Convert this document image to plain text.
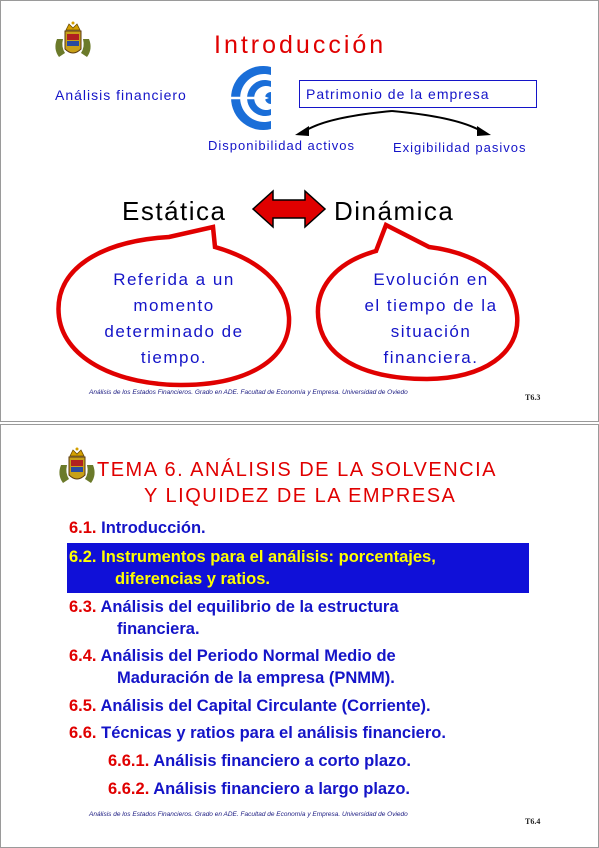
Introducción
Análisis financiero	Patrimonio de la empresa
Disponibilidad activos	Exigibilidad pasivos
Estática	Dinámica
Referida a un
momento
determinado de
tiempo.
Evolución en
el tiempo de la
situación
financiera.
Análisis de los Estados Financieros. Grado en ADE. Facultad de Economía y Empresa. Universidad de Oviedo
T6.3
TEMA 6. ANÁLISIS DE LA SOLVENCIA
Y LIQUIDEZ DE LA EMPRESA
6.1. Introducción.
6.2. Instrumentos para el análisis: porcentajes,
diferencias y ratios.
6.3. Análisis del equilibrio de la estructura
financiera.
6.4. Análisis del Periodo Normal Medio de
Maduración de la empresa (PNMM).
6.5. Análisis del Capital Circulante (Corriente).
6.6. Técnicas y ratios para el análisis financiero.
6.6.1. Análisis financiero a corto plazo.
6.6.2. Análisis financiero a largo plazo.
Análisis de los Estados Financieros. Grado en ADE. Facultad de Economía y Empresa. Universidad de Oviedo
T6.4
